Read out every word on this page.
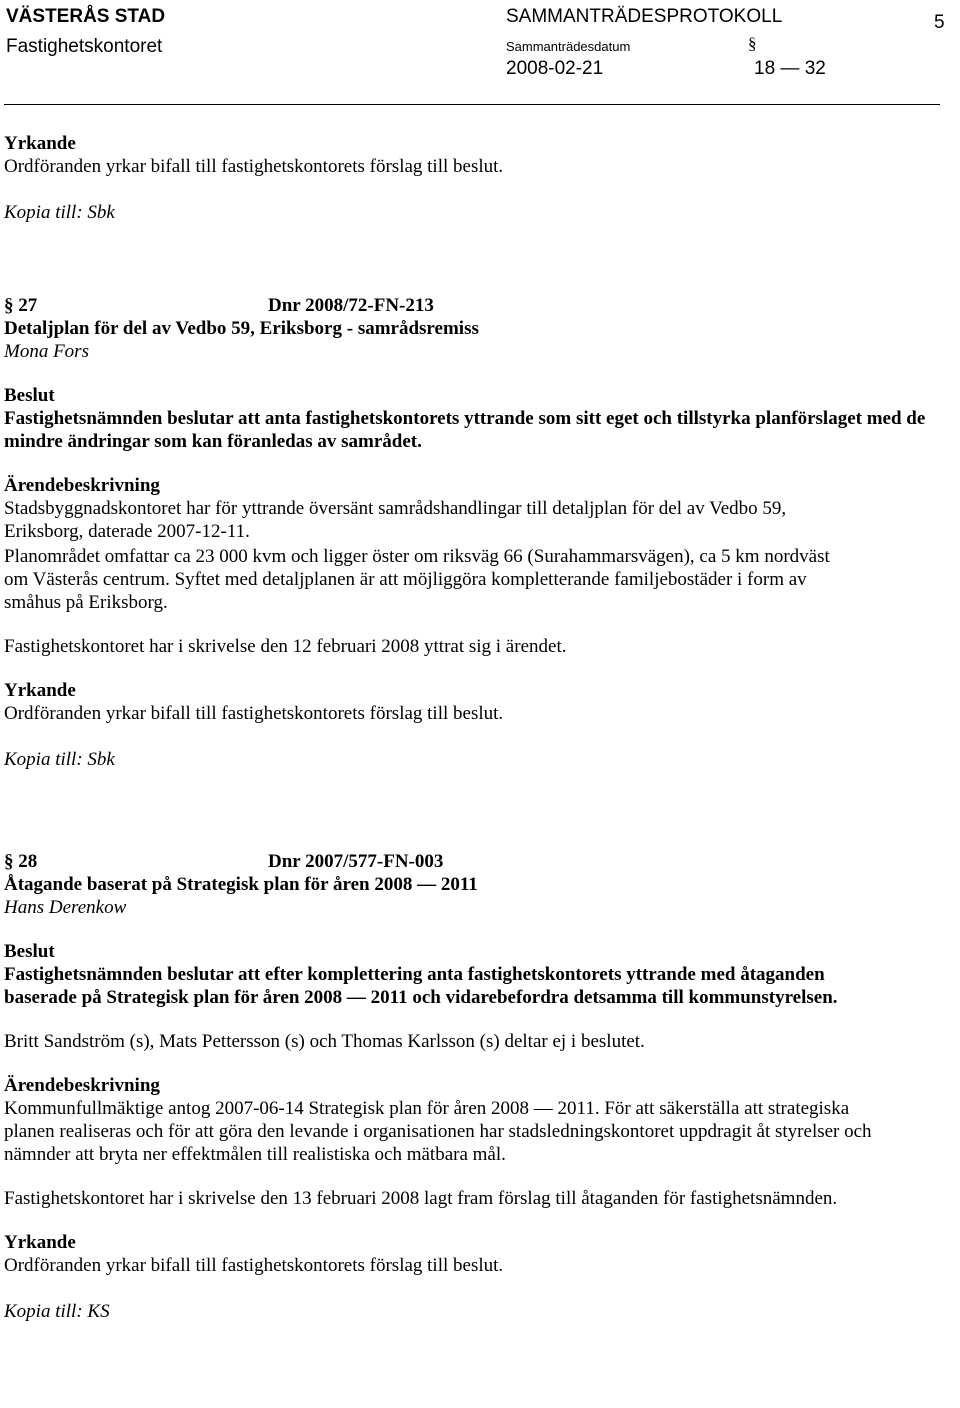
VÄSTERÅS STAD
Fastighetskontoret
SAMMANTRÄDESPROTOKOLL
Sammanträdesdatum	§
2008-02-21	18 — 32
5

Yrkande

Ordföranden yrkar bifall till fastighetskontorets förslag till beslut.

Kopia till: Sbk

§ 27	Dnr 2008/72-FN-213

Detaljplan för del av Vedbo 59, Eriksborg - samrådsremiss

Mona Fors

Beslut

Fastighetsnämnden beslutar att anta fastighetskontorets yttrande som sitt eget och tillstyrka planförslaget med de mindre ändringar som kan föranledas av samrådet.

Ärendebeskrivning

Stadsbyggnadskontoret har för yttrande översänt samrådshandlingar till detaljplan för del av Vedbo 59, Eriksborg, daterade 2007-12-11.

Planområdet omfattar ca 23 000 kvm och ligger öster om riksväg 66 (Surahammarsvägen), ca 5 km nordväst om Västerås centrum. Syftet med detaljplanen är att möjliggöra kompletterande familjebostäder i form av småhus på Eriksborg.

Fastighetskontoret har i skrivelse den 12 februari 2008 yttrat sig i ärendet.

Yrkande

Ordföranden yrkar bifall till fastighetskontorets förslag till beslut.

Kopia till: Sbk

§ 28	Dnr 2007/577-FN-003

Åtagande baserat på Strategisk plan för åren 2008 — 2011

Hans Derenkow

Beslut

Fastighetsnämnden beslutar att efter komplettering anta fastighetskontorets yttrande med åtaganden baserade på Strategisk plan för åren 2008 — 2011 och vidarebefordra detsamma till kommunstyrelsen.

Britt Sandström (s), Mats Pettersson (s) och Thomas Karlsson (s) deltar ej i beslutet.

Ärendebeskrivning

Kommunfullmäktige antog 2007-06-14 Strategisk plan för åren 2008 — 2011. För att säkerställa att strategiska planen realiseras och för att göra den levande i organisationen har stadsledningskontoret uppdragit åt styrelser och nämnder att bryta ner effektmålen till realistiska och mätbara mål.

Fastighetskontoret har i skrivelse den 13 februari 2008 lagt fram förslag till åtaganden för fastighetsnämnden.

Yrkande

Ordföranden yrkar bifall till fastighetskontorets förslag till beslut.

Kopia till: KS
